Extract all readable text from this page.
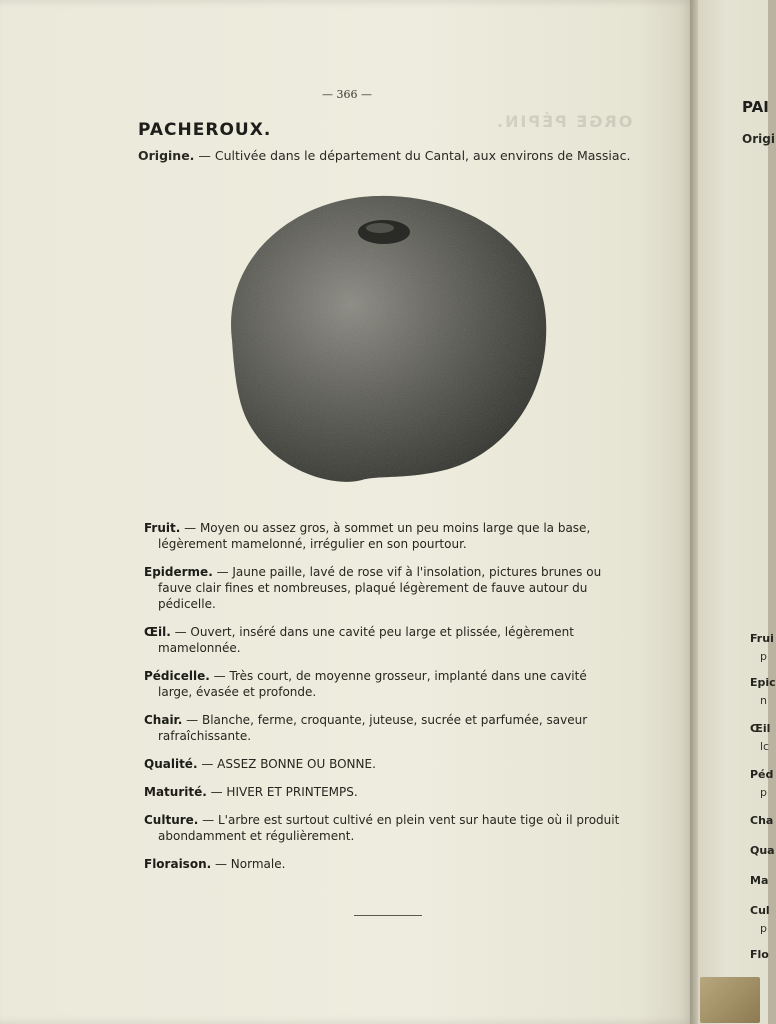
— 366 —
ORGE PÉPIN.
PACHEROUX.
Origine. — Cultivée dans le département du Cantal, aux environs de Massiac.

Fruit. — Moyen ou assez gros, à sommet un peu moins large que la base, légèrement mamelonné, irrégulier en son pourtour.

Epiderme. — Jaune paille, lavé de rose vif à l'insolation, pictures brunes ou fauve clair fines et nombreuses, plaqué légèrement de fauve autour du pédicelle.

Œil. — Ouvert, inséré dans une cavité peu large et plissée, légèrement mamelonnée.

Pédicelle. — Très court, de moyenne grosseur, implanté dans une cavité large, évasée et profonde.

Chair. — Blanche, ferme, croquante, juteuse, sucrée et parfumée, saveur rafraîchissante.

Qualité. — ASSEZ BONNE OU BONNE.

Maturité. — HIVER ET PRINTEMPS.

Culture. — L'arbre est surtout cultivé en plein vent sur haute tige où il produit abondamment et régulièrement.

Floraison. — Normale.

PAI
Origi
Frui
p
Epic
n
Œil
lc
Péd
p
Cha
Qua
Ma
Cul
p
Flo
